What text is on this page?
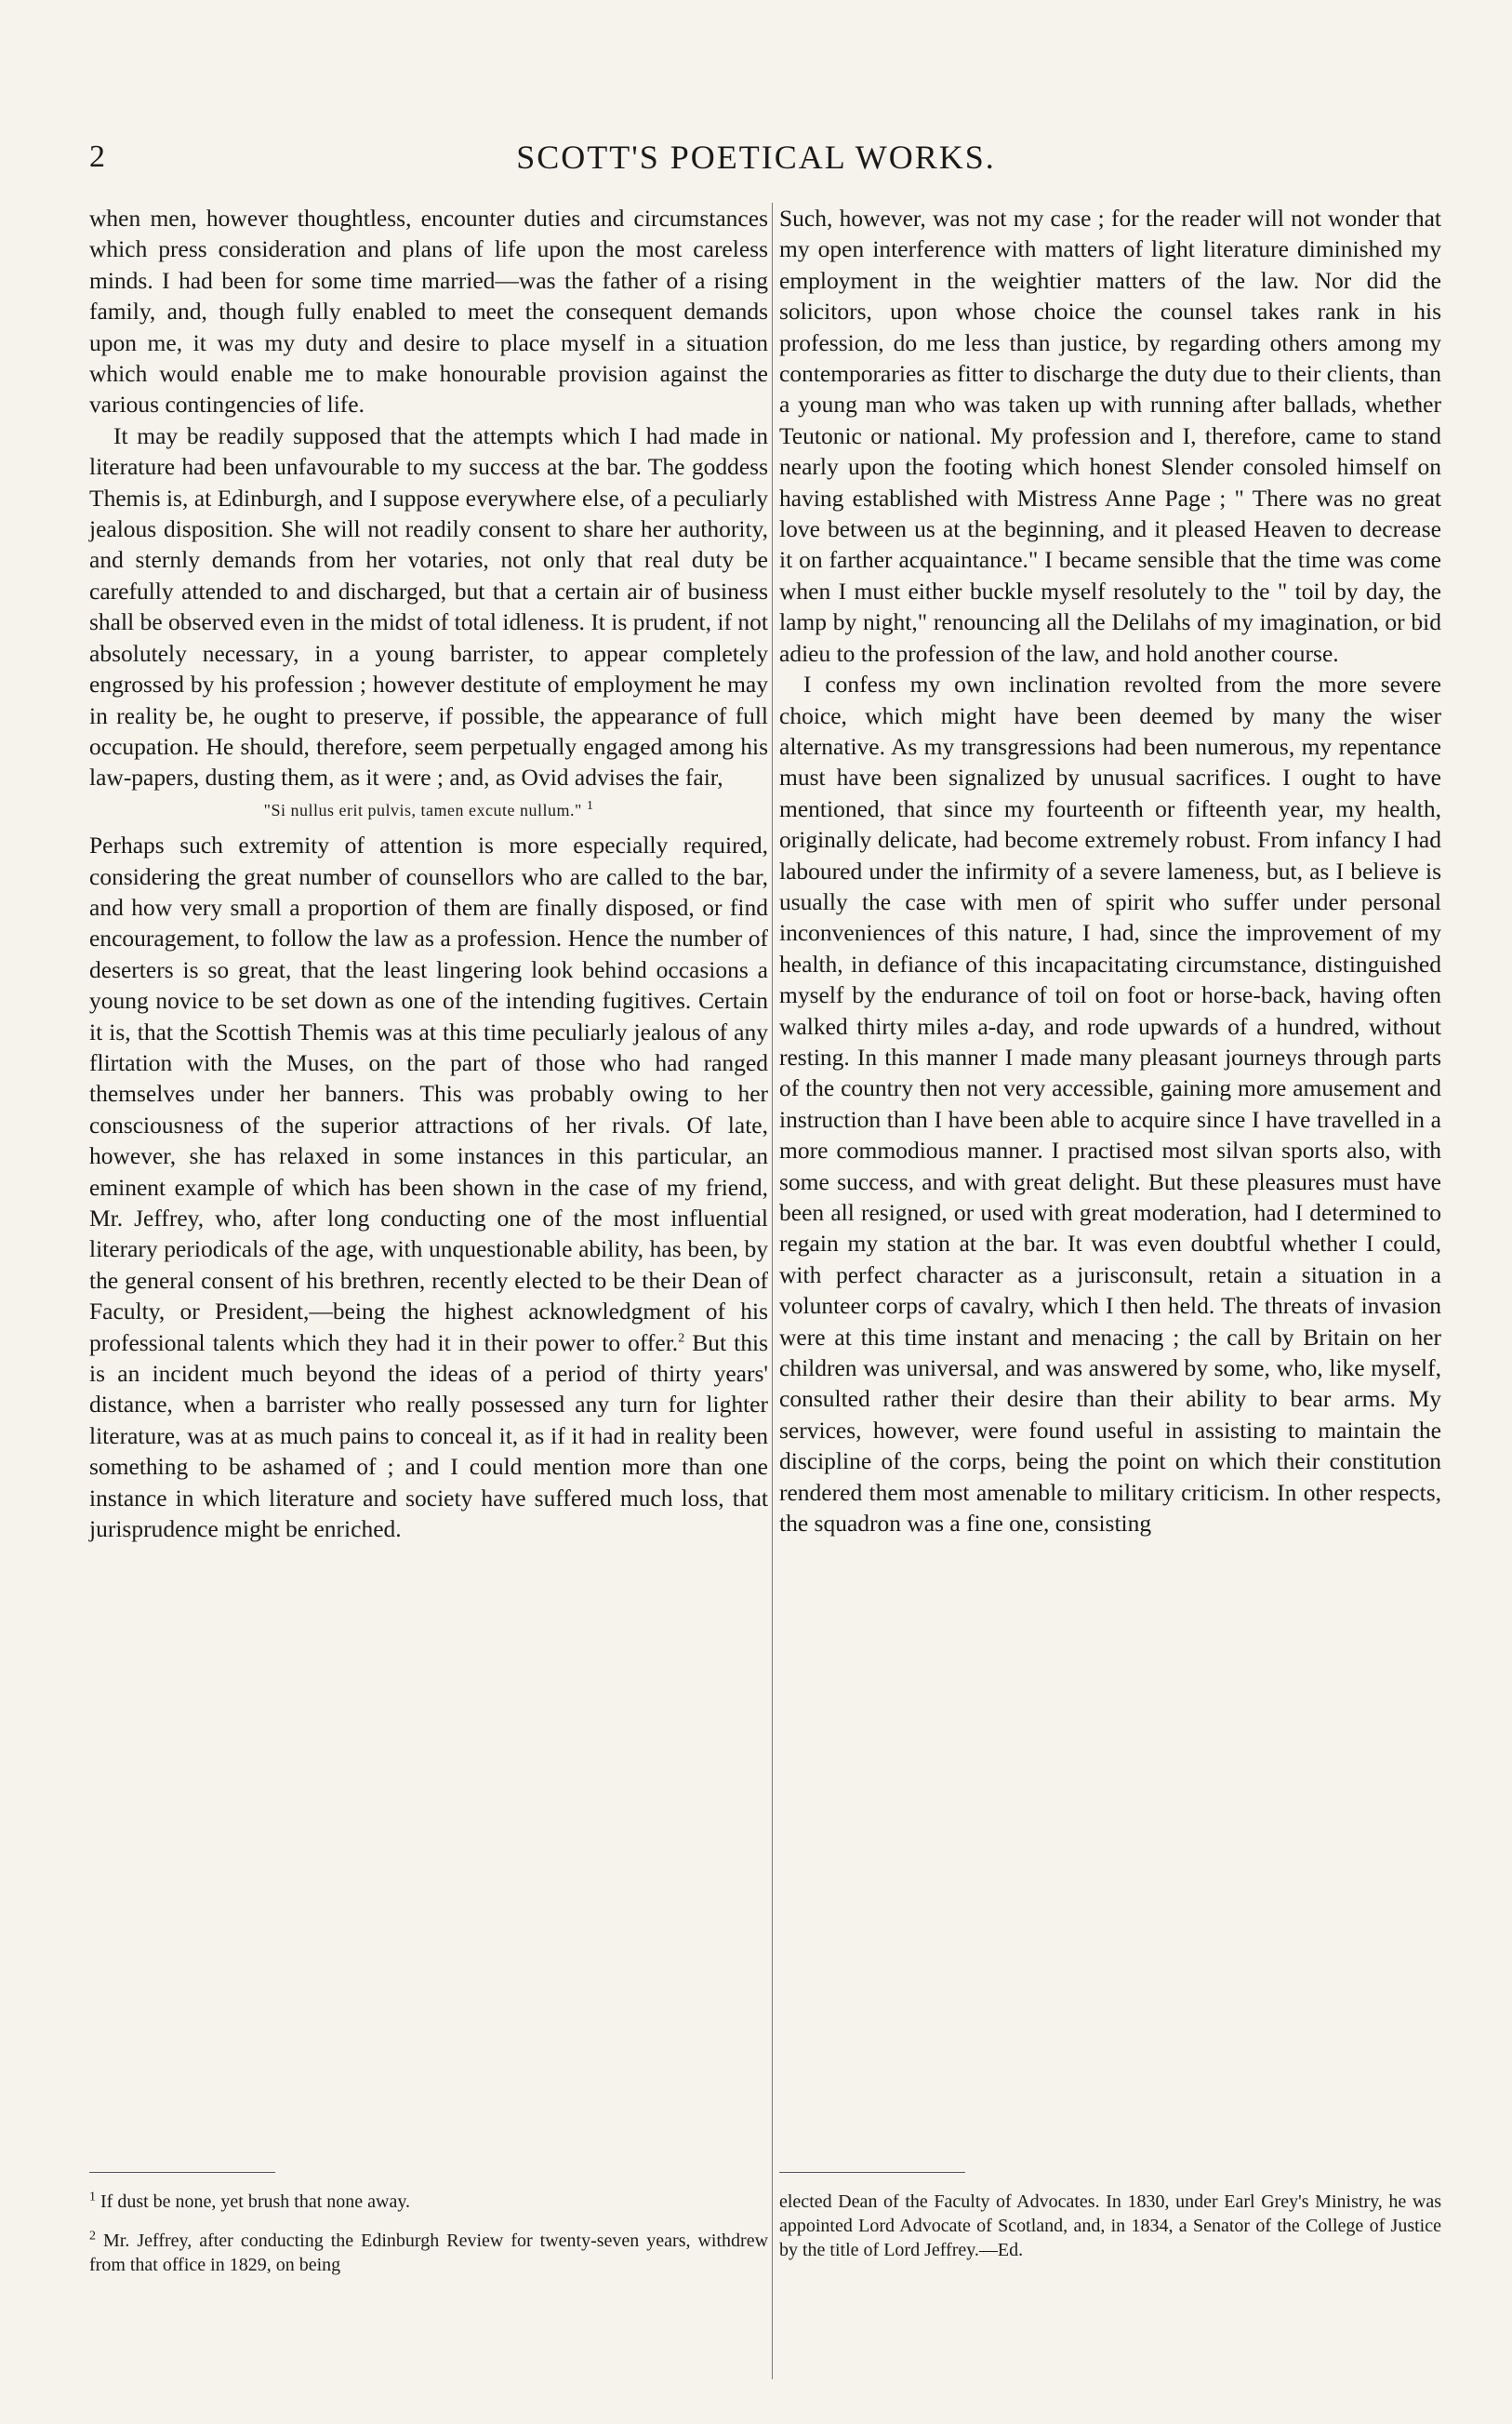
2	SCOTT'S POETICAL WORKS.

when men, however thoughtless, encounter duties and circumstances which press consideration and plans of life upon the most careless minds. I had been for some time married—was the father of a rising family, and, though fully enabled to meet the consequent demands upon me, it was my duty and desire to place myself in a situation which would enable me to make honourable provision against the various contingencies of life.

It may be readily supposed that the attempts which I had made in literature had been unfavourable to my success at the bar. The goddess Themis is, at Edinburgh, and I suppose everywhere else, of a peculiarly jealous disposition. She will not readily consent to share her authority, and sternly demands from her votaries, not only that real duty be carefully attended to and discharged, but that a certain air of business shall be observed even in the midst of total idleness. It is prudent, if not absolutely necessary, in a young barrister, to appear completely engrossed by his profession ; however destitute of employment he may in reality be, he ought to preserve, if possible, the appearance of full occupation. He should, therefore, seem perpetually engaged among his law-papers, dusting them, as it were ; and, as Ovid advises the fair,

"Si nullus erit pulvis, tamen excute nullum." $^1$

Perhaps such extremity of attention is more especially required, considering the great number of counsellors who are called to the bar, and how very small a proportion of them are finally disposed, or find encouragement, to follow the law as a profession. Hence the number of deserters is so great, that the least lingering look behind occasions a young novice to be set down as one of the intending fugitives. Certain it is, that the Scottish Themis was at this time peculiarly jealous of any flirtation with the Muses, on the part of those who had ranged themselves under her banners. This was probably owing to her consciousness of the superior attractions of her rivals. Of late, however, she has relaxed in some instances in this particular, an eminent example of which has been shown in the case of my friend, Mr. Jeffrey, who, after long conducting one of the most influential literary periodicals of the age, with unquestionable ability, has been, by the general consent of his brethren, recently elected to be their Dean of Faculty, or President,—being the highest acknowledgment of his professional talents which they had it in their power to offer.$^2$ But this is an incident much beyond the ideas of a period of thirty years' distance, when a barrister who really possessed any turn for lighter literature, was at as much pains to conceal it, as if it had in reality been something to be ashamed of ; and I could mention more than one instance in which literature and society have suffered much loss, that jurisprudence might be enriched.

Such, however, was not my case ; for the reader will not wonder that my open interference with matters of light literature diminished my employment in the weightier matters of the law. Nor did the solicitors, upon whose choice the counsel takes rank in his profession, do me less than justice, by regarding others among my contemporaries as fitter to discharge the duty due to their clients, than a young man who was taken up with running after ballads, whether Teutonic or national. My profession and I, therefore, came to stand nearly upon the footing which honest Slender consoled himself on having established with Mistress Anne Page ; " There was no great love between us at the beginning, and it pleased Heaven to decrease it on farther acquaintance." I became sensible that the time was come when I must either buckle myself resolutely to the " toil by day, the lamp by night," renouncing all the Delilahs of my imagination, or bid adieu to the profession of the law, and hold another course.

I confess my own inclination revolted from the more severe choice, which might have been deemed by many the wiser alternative. As my transgressions had been numerous, my repentance must have been signalized by unusual sacrifices. I ought to have mentioned, that since my fourteenth or fifteenth year, my health, originally delicate, had become extremely robust. From infancy I had laboured under the infirmity of a severe lameness, but, as I believe is usually the case with men of spirit who suffer under personal inconveniences of this nature, I had, since the improvement of my health, in defiance of this incapacitating circumstance, distinguished myself by the endurance of toil on foot or horse-back, having often walked thirty miles a-day, and rode upwards of a hundred, without resting. In this manner I made many pleasant journeys through parts of the country then not very accessible, gaining more amusement and instruction than I have been able to acquire since I have travelled in a more commodious manner. I practised most silvan sports also, with some success, and with great delight. But these pleasures must have been all resigned, or used with great moderation, had I determined to regain my station at the bar. It was even doubtful whether I could, with perfect character as a jurisconsult, retain a situation in a volunteer corps of cavalry, which I then held. The threats of invasion were at this time instant and menacing ; the call by Britain on her children was universal, and was answered by some, who, like myself, consulted rather their desire than their ability to bear arms. My services, however, were found useful in assisting to maintain the discipline of the corps, being the point on which their constitution rendered them most amenable to military criticism. In other respects, the squadron was a fine one, consisting

$^1$ If dust be none, yet brush that none away.

$^2$ Mr. Jeffrey, after conducting the Edinburgh Review for twenty-seven years, withdrew from that office in 1829, on being

elected Dean of the Faculty of Advocates. In 1830, under Earl Grey's Ministry, he was appointed Lord Advocate of Scotland, and, in 1834, a Senator of the College of Justice by the title of Lord Jeffrey.—Ed.
